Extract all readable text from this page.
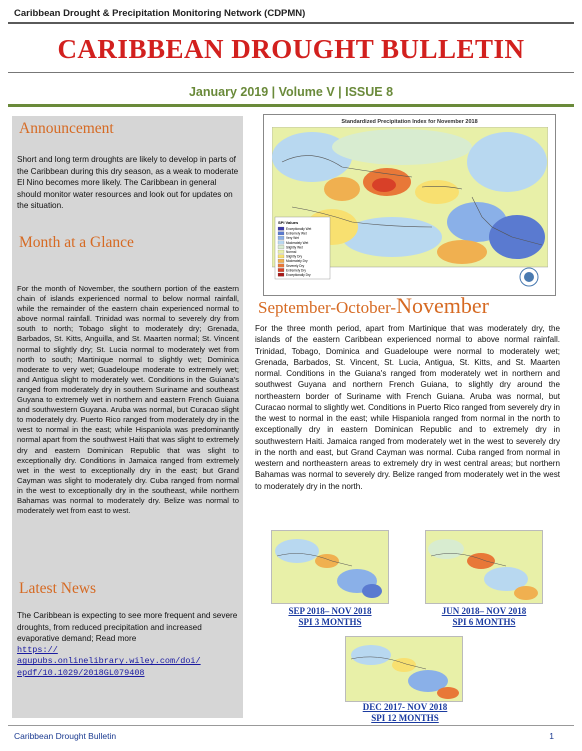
Caribbean Drought & Precipitation Monitoring Network (CDPMN)
CARIBBEAN DROUGHT BULLETIN
January 2019 | Volume V | ISSUE 8
Announcement
Short and long term droughts are likely to develop in parts of the Caribbean during this dry season, as a weak to moderate El Nino becomes more likely. The Caribbean in general should monitor water resources and look out for updates on the situation.
Month at a Glance
For the month of November, the southern portion of the eastern chain of islands experienced normal to below normal rainfall, while the remainder of the eastern chain experienced normal to above normal rainfall. Trinidad was normal to severely dry from south to north; Tobago slight to moderately dry; Grenada, Barbados, St. Kitts, Anguilla, and St. Maarten normal; St. Vincent normal to slightly dry; St. Lucia normal to moderately wet from north to south; Martinique normal to slightly wet; Dominica moderate to very wet; Guadeloupe moderate to extremely wet; and Antigua slight to moderately wet. Conditions in the Guiana's ranged from moderately dry in southern Suriname and southeast Guyana to extremely wet in northern and eastern French Guiana and southwestern Guyana. Aruba was normal, but Curacao slight to moderately dry. Puerto Rico ranged from moderately dry in the west to normal in the east; while Hispaniola was predominantly normal apart from the southwest Haiti that was slight to extremely dry and eastern Dominican Republic that was slight to exceptionally dry. Conditions in Jamaica ranged from extremely wet in the west to exceptionally dry in the east; but Grand Cayman was slight to moderately dry. Cuba ranged from normal in the west to exceptionally dry in the southeast, while northern Bahamas was normal to moderately dry. Belize was normal to moderately wet from east to west.
Latest News
The Caribbean is expecting to see more frequent and severe droughts, from reduced precipitation and increased evaporative demand; Read more
https://
agupubs.onlinelibrary.wiley.com/doi/
epdf/10.1029/2018GL079408
Standardized Precipitation Index for November 2018
SPI Values
Exceptionally Wet
Extremely Wet
Very Wet
Moderately Wet
Slightly Wet
Normal
Slightly Dry
Moderately Dry
Severely Dry
Extremely Dry
Exceptionally Dry
September-October-November
For the three month period, apart from Martinique that was moderately dry, the islands of the eastern Caribbean experienced normal to above normal rainfall. Trinidad, Tobago, Dominica and Guadeloupe were normal to moderately wet; Grenada, Barbados, St. Vincent, St. Lucia, Antigua, St. Kitts, and St. Maarten normal. Conditions in the Guiana's ranged from moderately wet in northern and southwest Guyana and northern French Guiana, to slightly dry around the northeastern border of Suriname with French Guiana. Aruba was normal, but Curacao normal to slightly wet. Conditions in Puerto Rico ranged from severely dry in the west to normal in the east; while Hispaniola ranged from normal in the north to exceptionally dry in eastern Dominican Republic and to extremely dry in southwestern Haiti. Jamaica ranged from moderately wet in the west to severely dry in the north and east, but Grand Cayman was normal. Cuba ranged from normal in western and northeastern areas to extremely dry in west central areas; but northern Bahamas was normal to severely dry. Belize ranged from moderately wet in the west to moderately dry in the north.
SEP 2018– NOV 2018
SPI 3 MONTHS
JUN 2018– NOV 2018
SPI 6 MONTHS
DEC 2017- NOV 2018
SPI 12 MONTHS
Caribbean Drought Bulletin	1
